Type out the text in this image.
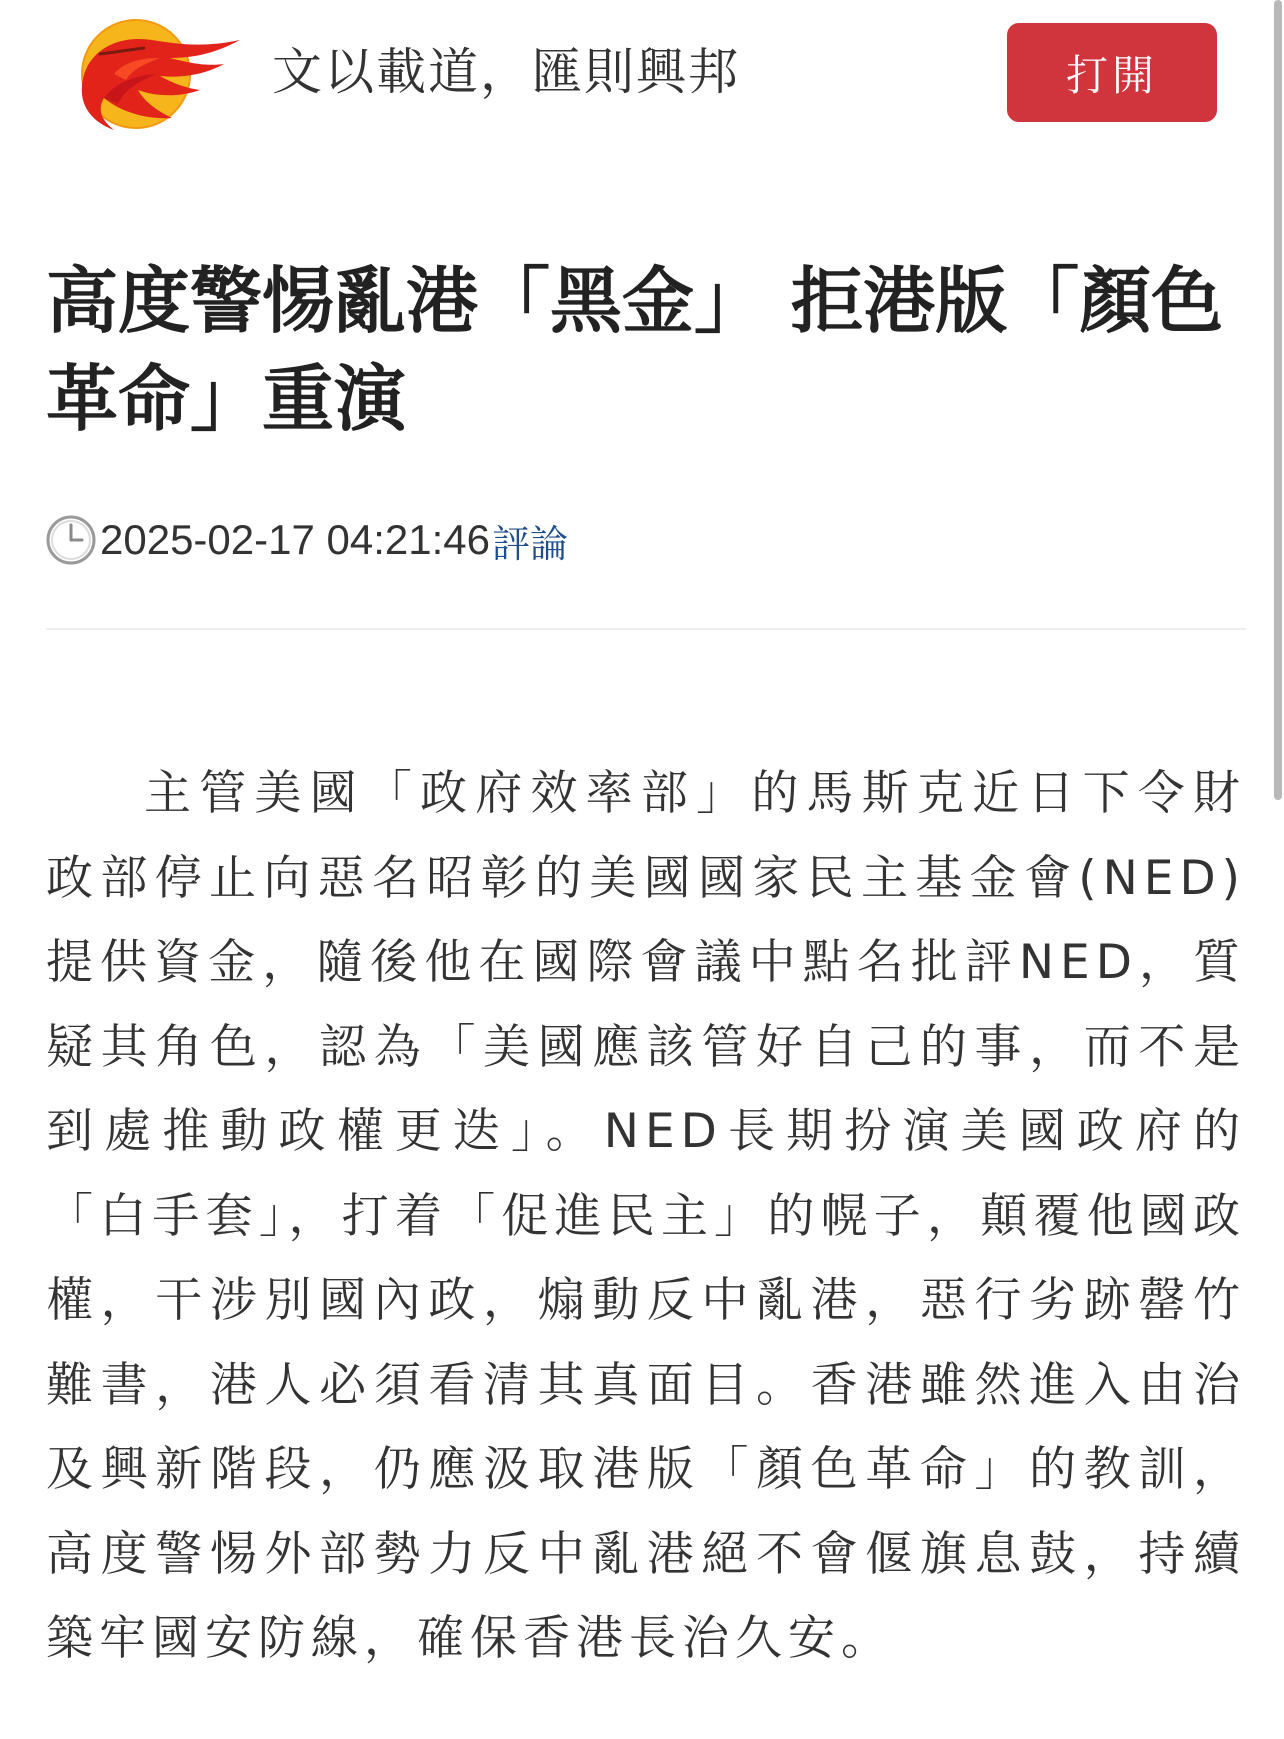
文以載道，匯則興邦	打開
高度警惕亂港「黑金」 拒港版「顏色革命」重演
2025-02-17 04:21:46 評論

主管美國「政府效率部」的馬斯克近日下令財政部停止向惡名昭彰的美國國家民主基金會(NED)提供資金，隨後他在國際會議中點名批評NED，質疑其角色，認為「美國應該管好自己的事，而不是到處推動政權更迭」。NED長期扮演美國政府的「白手套」，打着「促進民主」的幌子，顛覆他國政權，干涉別國內政，煽動反中亂港，惡行劣跡罄竹難書，港人必須看清其真面目。香港雖然進入由治及興新階段，仍應汲取港版「顏色革命」的教訓，高度警惕外部勢力反中亂港絕不會偃旗息鼓，持續築牢國安防線，確保香港長治久安。
